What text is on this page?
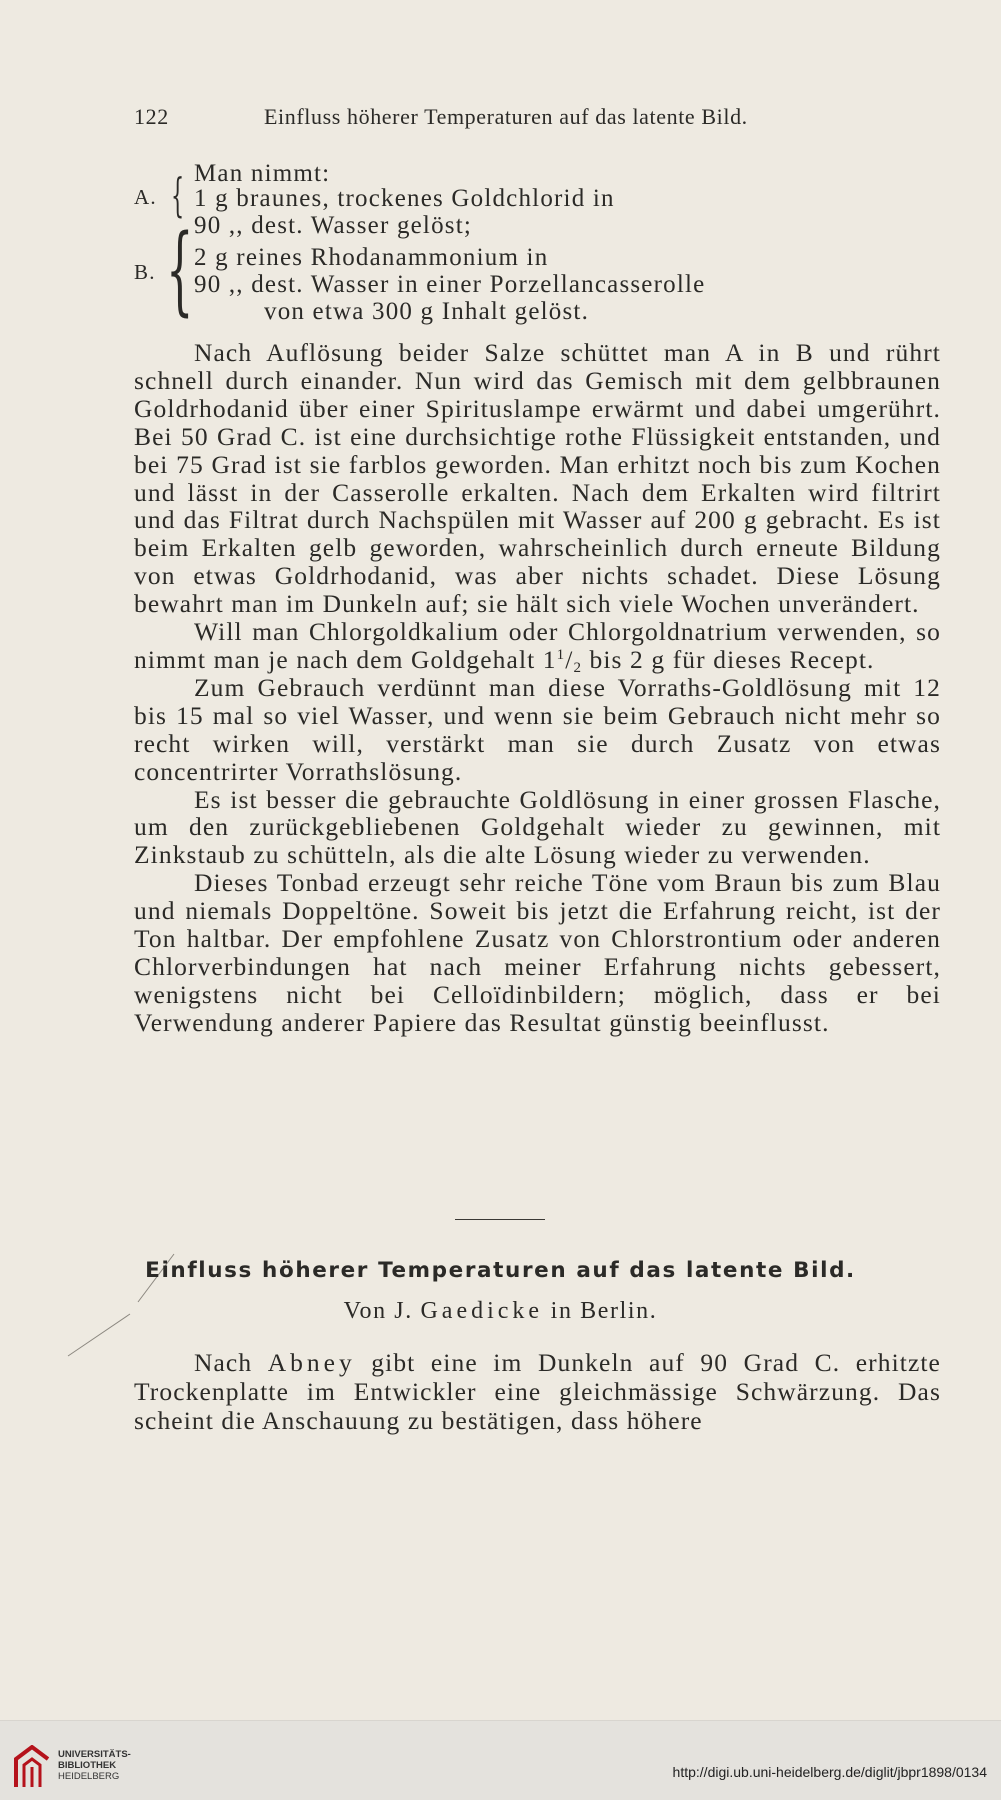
122	Einfluss höherer Temperaturen auf das latente Bild.
Man nimmt:
A. { 1 g braunes, trockenes Goldchlorid in
90 ,, dest. Wasser gelöst;
B. { 2 g reines Rhodanammonium in
90 ,, dest. Wasser in einer Porzellancasserolle
von etwa 300 g Inhalt gelöst.

Nach Auflösung beider Salze schüttet man A in B und rührt schnell durch einander. Nun wird das Gemisch mit dem gelbbraunen Goldrhodanid über einer Spirituslampe erwärmt und dabei umgerührt. Bei 50 Grad C. ist eine durchsichtige rothe Flüssigkeit entstanden, und bei 75 Grad ist sie farblos geworden. Man erhitzt noch bis zum Kochen und lässt in der Casserolle erkalten. Nach dem Erkalten wird filtrirt und das Filtrat durch Nachspülen mit Wasser auf 200 g gebracht. Es ist beim Erkalten gelb geworden, wahrscheinlich durch erneute Bildung von etwas Goldrhodanid, was aber nichts schadet. Diese Lösung bewahrt man im Dunkeln auf; sie hält sich viele Wochen unverändert.

Will man Chlorgoldkalium oder Chlorgoldnatrium verwenden, so nimmt man je nach dem Goldgehalt $1^1/_2$ bis 2 g für dieses Recept.

Zum Gebrauch verdünnt man diese Vorraths-Goldlösung mit 12 bis 15 mal so viel Wasser, und wenn sie beim Gebrauch nicht mehr so recht wirken will, verstärkt man sie durch Zusatz von etwas concentrirter Vorrathslösung.

Es ist besser die gebrauchte Goldlösung in einer grossen Flasche, um den zurückgebliebenen Goldgehalt wieder zu gewinnen, mit Zinkstaub zu schütteln, als die alte Lösung wieder zu verwenden.

Dieses Tonbad erzeugt sehr reiche Töne vom Braun bis zum Blau und niemals Doppeltöne. Soweit bis jetzt die Erfahrung reicht, ist der Ton haltbar. Der empfohlene Zusatz von Chlorstrontium oder anderen Chlorverbindungen hat nach meiner Erfahrung nichts gebessert, wenigstens nicht bei Celloïdinbildern; möglich, dass er bei Verwendung anderer Papiere das Resultat günstig beeinflusst.

Einfluss höherer Temperaturen auf das latente Bild.
Von J. Gaedicke in Berlin.

Nach Abney gibt eine im Dunkeln auf 90 Grad C. erhitzte Trockenplatte im Entwickler eine gleichmässige Schwärzung. Das scheint die Anschauung zu bestätigen, dass höhere

UNIVERSITÄTS-
BIBLIOTHEK
HEIDELBERG	http://digi.ub.uni-heidelberg.de/diglit/jbpr1898/0134
